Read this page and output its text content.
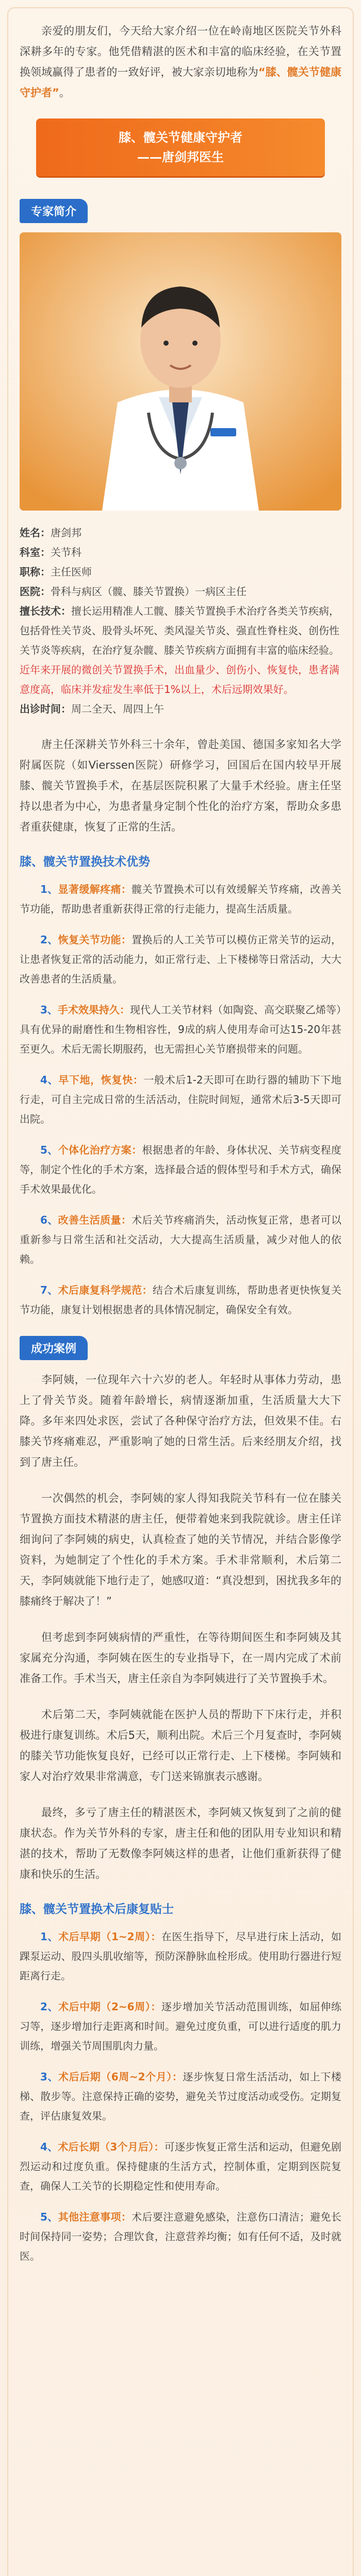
亲爱的朋友们，今天给大家介绍一位在岭南地区医院关节外科深耕多年的专家。他凭借精湛的医术和丰富的临床经验，在关节置换领域赢得了患者的一致好评，被大家亲切地称为“膝、髋关节健康守护者”。

膝、髋关节健康守护者
——唐剑邦医生
专家简介
姓名：唐剑邦
科室：关节科
职称：主任医师
医院：骨科与病区（髋、膝关节置换）一病区主任
擅长技术：擅长运用精准人工髋、膝关节置换手术治疗各类关节疾病，包括骨性关节炎、股骨头坏死、类风湿关节炎、强直性脊柱炎、创伤性关节炎等疾病，在治疗复杂髋、膝关节疾病方面拥有丰富的临床经验。近年来开展的微创关节置换手术，出血量少、创伤小、恢复快，患者满意度高，临床并发症发生率低于1%以上，术后远期效果好。
出诊时间：周二全天、周四上午

唐主任深耕关节外科三十余年，曾赴美国、德国多家知名大学附属医院（如Vierssen医院）研修学习，回国后在国内较早开展膝、髋关节置换手术，在基层医院积累了大量手术经验。唐主任坚持以患者为中心，为患者量身定制个性化的治疗方案，帮助众多患者重获健康，恢复了正常的生活。

膝、髋关节置换技术优势

1、显著缓解疼痛：髋关节置换术可以有效缓解关节疼痛，改善关节功能，帮助患者重新获得正常的行走能力，提高生活质量。

2、恢复关节功能：置换后的人工关节可以模仿正常关节的运动，让患者恢复正常的活动能力，如正常行走、上下楼梯等日常活动，大大改善患者的生活质量。

3、手术效果持久：现代人工关节材料（如陶瓷、高交联聚乙烯等）具有优异的耐磨性和生物相容性，9成的病人使用寿命可达15-20年甚至更久。术后无需长期服药，也无需担心关节磨损带来的问题。

4、早下地，恢复快：一般术后1-2天即可在助行器的辅助下下地行走，可自主完成日常的生活活动，住院时间短，通常术后3-5天即可出院。

5、个体化治疗方案：根据患者的年龄、身体状况、关节病变程度等，制定个性化的手术方案，选择最合适的假体型号和手术方式，确保手术效果最优化。

6、改善生活质量：术后关节疼痛消失，活动恢复正常，患者可以重新参与日常生活和社交活动，大大提高生活质量，减少对他人的依赖。

7、术后康复科学规范：结合术后康复训练，帮助患者更快恢复关节功能，康复计划根据患者的具体情况制定，确保安全有效。

成功案例

李阿姨，一位现年六十六岁的老人。年轻时从事体力劳动，患上了骨关节炎。随着年龄增长，病情逐渐加重，生活质量大大下降。多年来四处求医，尝试了各种保守治疗方法，但效果不佳。右膝关节疼痛难忍，严重影响了她的日常生活。后来经朋友介绍，找到了唐主任。

一次偶然的机会，李阿姨的家人得知我院关节科有一位在膝关节置换方面技术精湛的唐主任，便带着她来到我院就诊。唐主任详细询问了李阿姨的病史，认真检查了她的关节情况，并结合影像学资料，为她制定了个性化的手术方案。手术非常顺利，术后第二天，李阿姨就能下地行走了，她感叹道：“真没想到，困扰我多年的膝痛终于解决了！”

但考虑到李阿姨病情的严重性，在等待期间医生和李阿姨及其家属充分沟通，李阿姨在医生的专业指导下，在一周内完成了术前准备工作。手术当天，唐主任亲自为李阿姨进行了关节置换手术。

术后第二天，李阿姨就能在医护人员的帮助下下床行走，并积极进行康复训练。术后5天，顺利出院。术后三个月复查时，李阿姨的膝关节功能恢复良好，已经可以正常行走、上下楼梯。李阿姨和家人对治疗效果非常满意，专门送来锦旗表示感谢。

最终，多亏了唐主任的精湛医术，李阿姨又恢复到了之前的健康状态。作为关节外科的专家，唐主任和他的团队用专业知识和精湛的技术，帮助了无数像李阿姨这样的患者，让他们重新获得了健康和快乐的生活。

膝、髋关节置换术后康复贴士

1、术后早期（1~2周）：在医生指导下，尽早进行床上活动，如踝泵运动、股四头肌收缩等，预防深静脉血栓形成。使用助行器进行短距离行走。

2、术后中期（2~6周）：逐步增加关节活动范围训练，如屈伸练习等，逐步增加行走距离和时间。避免过度负重，可以进行适度的肌力训练，增强关节周围肌肉力量。

3、术后后期（6周~2个月）：逐步恢复日常生活活动，如上下楼梯、散步等。注意保持正确的姿势，避免关节过度活动或受伤。定期复查，评估康复效果。

4、术后长期（3个月后）：可逐步恢复正常生活和运动，但避免剧烈运动和过度负重。保持健康的生活方式，控制体重，定期到医院复查，确保人工关节的长期稳定性和使用寿命。

5、其他注意事项：术后要注意避免感染，注意伤口清洁；避免长时间保持同一姿势；合理饮食，注意营养均衡；如有任何不适，及时就医。
